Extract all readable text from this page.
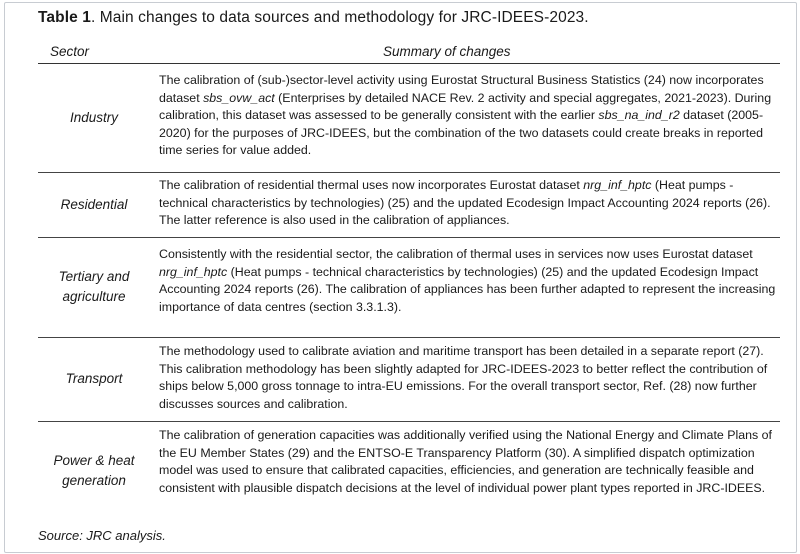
Table 1. Main changes to data sources and methodology for JRC-IDEES-2023.
Sector	Summary of changes
Industry
The calibration of (sub-)sector-level activity using Eurostat Structural Business Statistics (24) now incorporates dataset sbs_ovw_act (Enterprises by detailed NACE Rev. 2 activity and special aggregates, 2021-2023). During calibration, this dataset was assessed to be generally consistent with the earlier sbs_na_ind_r2 dataset (2005-2020) for the purposes of JRC-IDEES, but the combination of the two datasets could create breaks in reported time series for value added.
Residential
The calibration of residential thermal uses now incorporates Eurostat dataset nrg_inf_hptc (Heat pumps - technical characteristics by technologies) (25) and the updated Ecodesign Impact Accounting 2024 reports (26). The latter reference is also used in the calibration of appliances.
Tertiary and agriculture
Consistently with the residential sector, the calibration of thermal uses in services now uses Eurostat dataset nrg_inf_hptc (Heat pumps - technical characteristics by technologies) (25) and the updated Ecodesign Impact Accounting 2024 reports (26). The calibration of appliances has been further adapted to represent the increasing importance of data centres (section 3.3.1.3).
Transport
The methodology used to calibrate aviation and maritime transport has been detailed in a separate report (27). This calibration methodology has been slightly adapted for JRC-IDEES-2023 to better reflect the contribution of ships below 5,000 gross tonnage to intra-EU emissions. For the overall transport sector, Ref. (28) now further discusses sources and calibration.
Power & heat generation
The calibration of generation capacities was additionally verified using the National Energy and Climate Plans of the EU Member States (29) and the ENTSO-E Transparency Platform (30). A simplified dispatch optimization model was used to ensure that calibrated capacities, efficiencies, and generation are technically feasible and consistent with plausible dispatch decisions at the level of individual power plant types reported in JRC-IDEES.
Source: JRC analysis.
